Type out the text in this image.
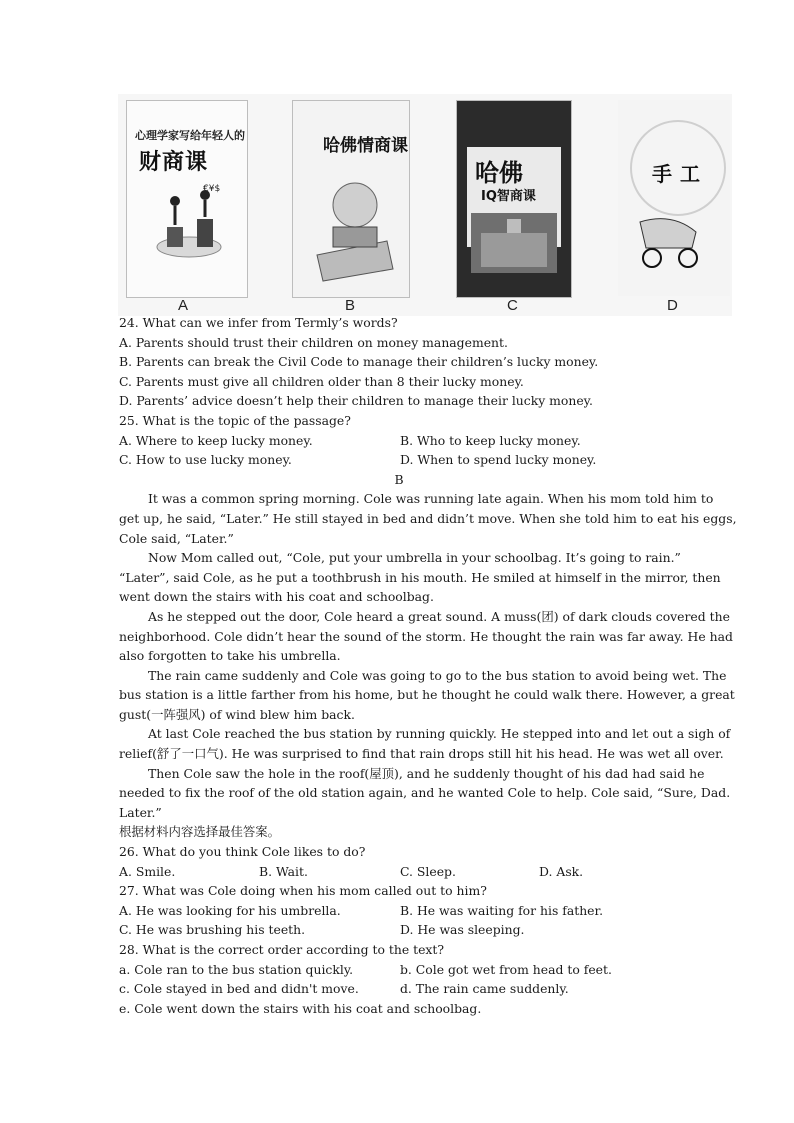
心理学家写给年轻人的
财商课
€¥$
哈佛情商课
哈佛
IQ智商课
手工
A	B	C	D
24. What can we infer from Termly’s words?
A. Parents should trust their children on money management.
B. Parents can break the Civil Code to manage their children’s lucky money.
C. Parents must give all children older than 8 their lucky money.
D. Parents’ advice doesn’t help their children to manage their lucky money.
25. What is the topic of the passage?
A. Where to keep lucky money.	B. Who to keep lucky money.
C. How to use lucky money.	D. When to spend lucky money.
B
It was a common spring morning. Cole was running late again. When his mom told him to
get up, he said, “Later.” He still stayed in bed and didn’t move. When she told him to eat his eggs,
Cole said, “Later.”
Now Mom called out, “Cole, put your umbrella in your schoolbag. It’s going to rain.”
“Later”, said Cole, as he put a toothbrush in his mouth. He smiled at himself in the mirror, then
went down the stairs with his coat and schoolbag.
As he stepped out the door, Cole heard a great sound. A muss(团) of dark clouds covered the
neighborhood. Cole didn’t hear the sound of the storm. He thought the rain was far away. He had
also forgotten to take his umbrella.
The rain came suddenly and Cole was going to go to the bus station to avoid being wet. The
bus station is a little farther from his home, but he thought he could walk there. However, a great
gust(一阵强风) of wind blew him back.
At last Cole reached the bus station by running quickly. He stepped into and let out a sigh of
relief(舒了一口气). He was surprised to find that rain drops still hit his head. He was wet all over.
Then Cole saw the hole in the roof(屋顶), and he suddenly thought of his dad had said he
needed to fix the roof of the old station again, and he wanted Cole to help. Cole said, “Sure, Dad.
Later.”
根据材料内容选择最佳答案。
26. What do you think Cole likes to do?
A. Smile.	B. Wait.	C. Sleep.	D. Ask.
27. What was Cole doing when his mom called out to him?
A. He was looking for his umbrella.	B. He was waiting for his father.
C. He was brushing his teeth.	D. He was sleeping.
28. What is the correct order according to the text?
a. Cole ran to the bus station quickly.	b. Cole got wet from head to feet.
c. Cole stayed in bed and didn't move.	d. The rain came suddenly.
e. Cole went down the stairs with his coat and schoolbag.
